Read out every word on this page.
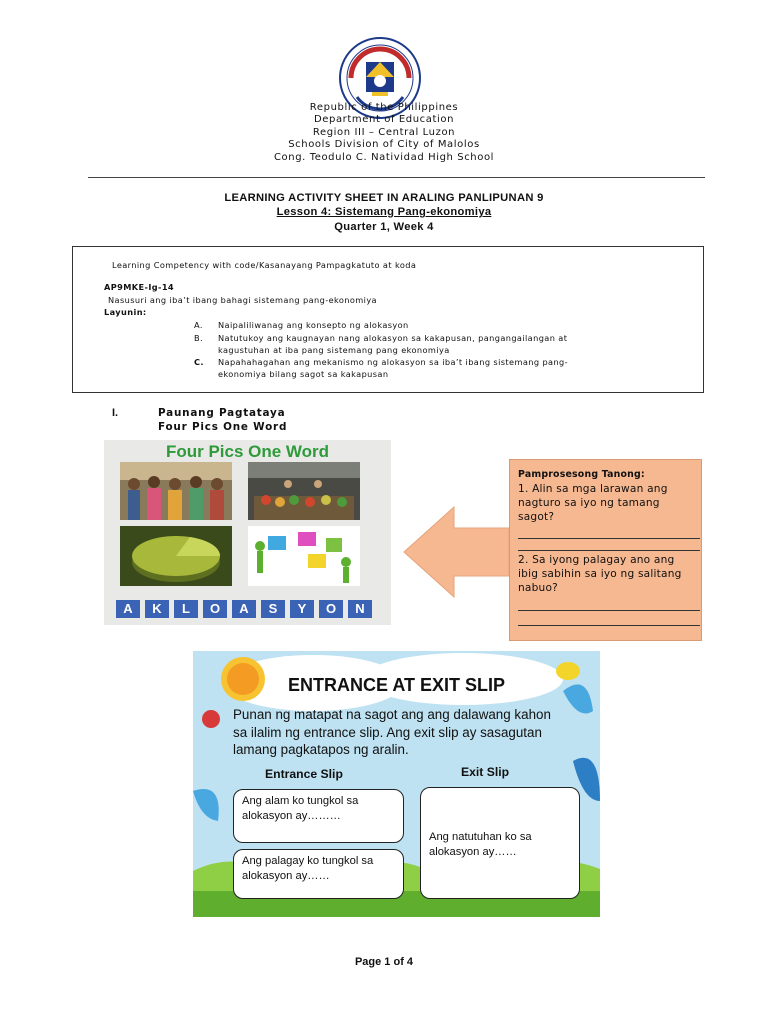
Republic of the Philippines
Department of Education
Region III – Central Luzon
Schools Division of City of Malolos
Cong. Teodulo C. Natividad High School
LEARNING ACTIVITY SHEET IN ARALING PANLIPUNAN 9
Lesson 4: Sistemang Pang-ekonomiya
Quarter 1, Week 4
Learning Competency with code/Kasanayang Pampagkatuto at koda
AP9MKE-Ig-14
Nasusuri ang iba’t ibang bahagi sistemang pang-ekonomiya
Layunin:
A. Naipaliliwanag ang konsepto ng alokasyon
B. Natutukoy ang kaugnayan nang alokasyon sa kakapusan, pangangailangan at
kagustuhan at iba pang sistemang pang ekonomiya
C. Napahahagahan ang mekanismo ng alokasyon sa iba’t ibang sistemang pang-
ekonomiya bilang sagot sa kakapusan
I.	Paunang Pagtataya
Four Pics One Word
Four Pics One Word
A	K	L	O	A	S	Y	O	N
Pamprosesong Tanong:
1. Alin sa mga larawan ang
nagturo sa iyo ng tamang
sagot?
2. Sa iyong palagay ano ang
ibig sabihin sa iyo ng salitang
nabuo?
ENTRANCE AT EXIT SLIP
Punan ng matapat na sagot ang ang dalawang kahon
sa ilalim ng entrance slip. Ang exit slip ay sasagutan
lamang pagkatapos ng aralin.
Entrance Slip	Exit Slip
Ang alam ko tungkol sa
alokasyon ay………
Ang palagay ko tungkol sa
alokasyon ay……
Ang natutuhan ko sa
alokasyon ay……
Page 1 of 4
